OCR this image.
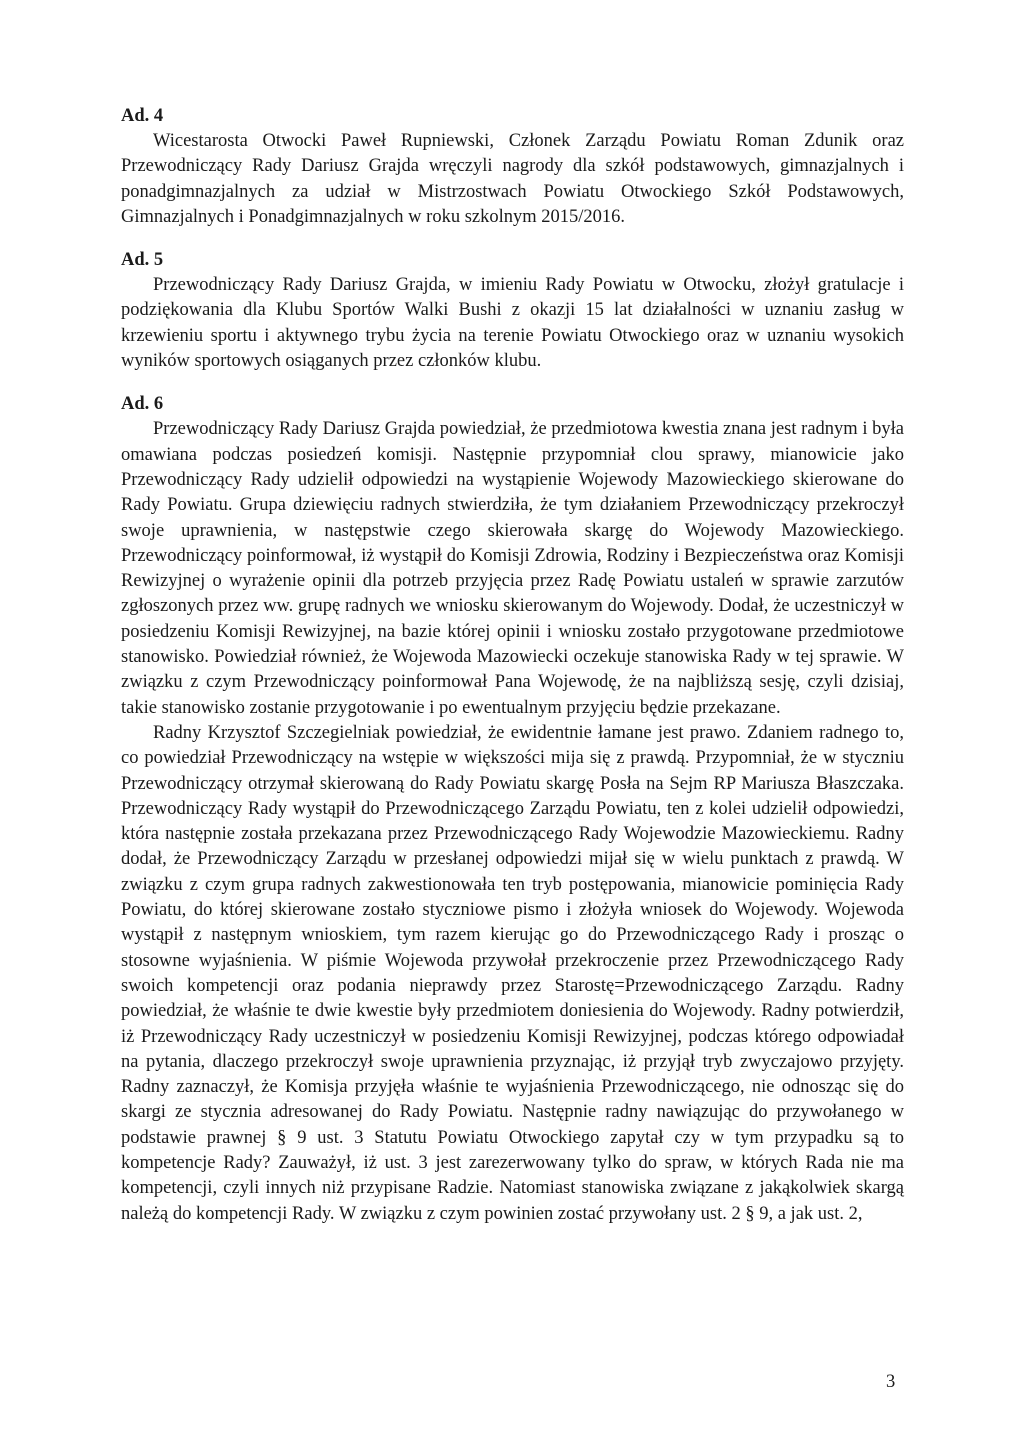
Ad. 4

Wicestarosta Otwocki Paweł Rupniewski, Członek Zarządu Powiatu Roman Zdunik oraz Przewodniczący Rady Dariusz Grajda wręczyli nagrody dla szkół podstawowych, gimnazjalnych i ponadgimnazjalnych za udział w Mistrzostwach Powiatu Otwockiego Szkół Podstawowych, Gimnazjalnych i Ponadgimnazjalnych w roku szkolnym 2015/2016.

Ad. 5

Przewodniczący Rady Dariusz Grajda, w imieniu Rady Powiatu w Otwocku, złożył gratulacje i podziękowania dla Klubu Sportów Walki Bushi z okazji 15 lat działalności w uznaniu zasług w krzewieniu sportu i aktywnego trybu życia na terenie Powiatu Otwockiego oraz w uznaniu wysokich wyników sportowych osiąganych przez członków klubu.

Ad. 6

Przewodniczący Rady Dariusz Grajda powiedział, że przedmiotowa kwestia znana jest radnym i była omawiana podczas posiedzeń komisji. Następnie przypomniał clou sprawy, mianowicie jako Przewodniczący Rady udzielił odpowiedzi na wystąpienie Wojewody Mazowieckiego skierowane do Rady Powiatu. Grupa dziewięciu radnych stwierdziła, że tym działaniem Przewodniczący przekroczył swoje uprawnienia, w następstwie czego skierowała skargę do Wojewody Mazowieckiego. Przewodniczący poinformował, iż wystąpił do Komisji Zdrowia, Rodziny i Bezpieczeństwa oraz Komisji Rewizyjnej o wyrażenie opinii dla potrzeb przyjęcia przez Radę Powiatu ustaleń w sprawie zarzutów zgłoszonych przez ww. grupę radnych we wniosku skierowanym do Wojewody. Dodał, że uczestniczył w posiedzeniu Komisji Rewizyjnej, na bazie której opinii i wniosku zostało przygotowane przedmiotowe stanowisko. Powiedział również, że Wojewoda Mazowiecki oczekuje stanowiska Rady w tej sprawie. W związku z czym Przewodniczący poinformował Pana Wojewodę, że na najbliższą sesję, czyli dzisiaj, takie stanowisko zostanie przygotowanie i po ewentualnym przyjęciu będzie przekazane.

Radny Krzysztof Szczegielniak powiedział, że ewidentnie łamane jest prawo. Zdaniem radnego to, co powiedział Przewodniczący na wstępie w większości mija się z prawdą. Przypomniał, że w styczniu Przewodniczący otrzymał skierowaną do Rady Powiatu skargę Posła na Sejm RP Mariusza Błaszczaka. Przewodniczący Rady wystąpił do Przewodniczącego Zarządu Powiatu, ten z kolei udzielił odpowiedzi, która następnie została przekazana przez Przewodniczącego Rady Wojewodzie Mazowieckiemu. Radny dodał, że Przewodniczący Zarządu w przesłanej odpowiedzi mijał się w wielu punktach z prawdą. W związku z czym grupa radnych zakwestionowała ten tryb postępowania, mianowicie pominięcia Rady Powiatu, do której skierowane zostało styczniowe pismo i złożyła wniosek do Wojewody. Wojewoda wystąpił z następnym wnioskiem, tym razem kierując go do Przewodniczącego Rady i prosząc o stosowne wyjaśnienia. W piśmie Wojewoda przywołał przekroczenie przez Przewodniczącego Rady swoich kompetencji oraz podania nieprawdy przez Starostę=Przewodniczącego Zarządu. Radny powiedział, że właśnie te dwie kwestie były przedmiotem doniesienia do Wojewody. Radny potwierdził, iż Przewodniczący Rady uczestniczył w posiedzeniu Komisji Rewizyjnej, podczas którego odpowiadał na pytania, dlaczego przekroczył swoje uprawnienia przyznając, iż przyjął tryb zwyczajowo przyjęty. Radny zaznaczył, że Komisja przyjęła właśnie te wyjaśnienia Przewodniczącego, nie odnosząc się do skargi ze stycznia adresowanej do Rady Powiatu. Następnie radny nawiązując do przywołanego w podstawie prawnej § 9 ust. 3 Statutu Powiatu Otwockiego zapytał czy w tym przypadku są to kompetencje Rady? Zauważył, iż ust. 3 jest zarezerwowany tylko do spraw, w których Rada nie ma kompetencji, czyli innych niż przypisane Radzie. Natomiast stanowiska związane z jakąkolwiek skargą należą do kompetencji Rady. W związku z czym powinien zostać przywołany ust. 2 § 9, a jak ust. 2,

3
